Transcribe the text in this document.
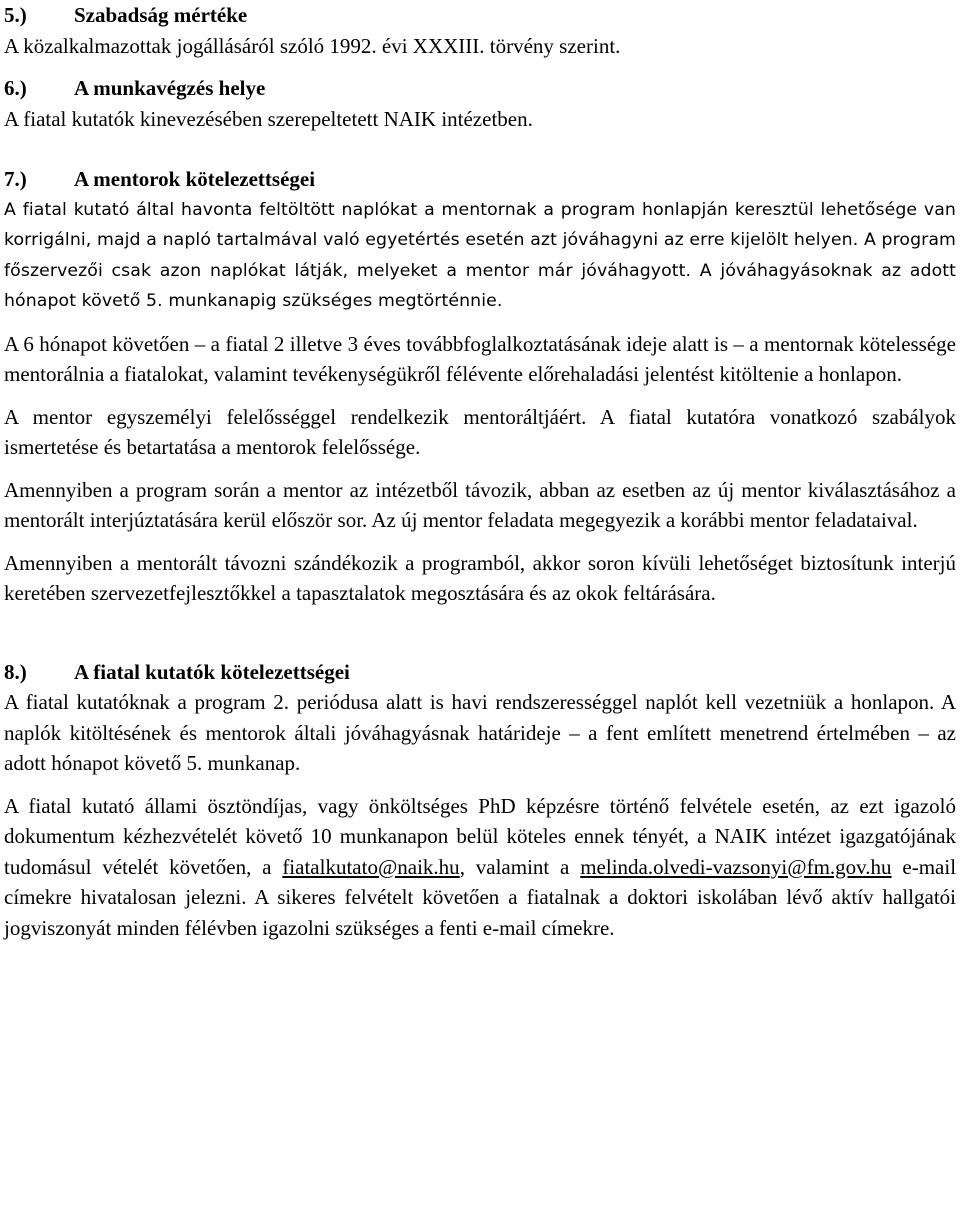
5.) Szabadság mértéke

A közalkalmazottak jogállásáról szóló 1992. évi XXXIII. törvény szerint.

6.) A munkavégzés helye

A fiatal kutatók kinevezésében szerepeltetett NAIK intézetben.

7.) A mentorok kötelezettségei

A fiatal kutató által havonta feltöltött naplókat a mentornak a program honlapján keresztül lehetősége van korrigálni, majd a napló tartalmával való egyetértés esetén azt jóváhagyni az erre kijelölt helyen. A program főszervezői csak azon naplókat látják, melyeket a mentor már jóváhagyott. A jóváhagyásoknak az adott hónapot követő 5. munkanapig szükséges megtörténnie.

A 6 hónapot követően – a fiatal 2 illetve 3 éves továbbfoglalkoztatásának ideje alatt is – a mentornak kötelessége mentorálnia a fiatalokat, valamint tevékenységükről félévente előrehaladási jelentést kitöltenie a honlapon.

A mentor egyszemélyi felelősséggel rendelkezik mentoráltjáért. A fiatal kutatóra vonatkozó szabályok ismertetése és betartatása a mentorok felelőssége.

Amennyiben a program során a mentor az intézetből távozik, abban az esetben az új mentor kiválasztásához a mentorált interjúztatására kerül először sor. Az új mentor feladata megegyezik a korábbi mentor feladataival.

Amennyiben a mentorált távozni szándékozik a programból, akkor soron kívüli lehetőséget biztosítunk interjú keretében szervezetfejlesztőkkel a tapasztalatok megosztására és az okok feltárására.

8.) A fiatal kutatók kötelezettségei

A fiatal kutatóknak a program 2. periódusa alatt is havi rendszerességgel naplót kell vezetniük a honlapon. A naplók kitöltésének és mentorok általi jóváhagyásnak határideje – a fent említett menetrend értelmében – az adott hónapot követő 5. munkanap.

A fiatal kutató állami ösztöndíjas, vagy önköltséges PhD képzésre történő felvétele esetén, az ezt igazoló dokumentum kézhezvételét követő 10 munkanapon belül köteles ennek tényét, a NAIK intézet igazgatójának tudomásul vételét követően, a fiatalkutato@naik.hu, valamint a melinda.olvedi-vazsonyi@fm.gov.hu e-mail címekre hivatalosan jelezni. A sikeres felvételt követően a fiatalnak a doktori iskolában lévő aktív hallgatói jogviszonyát minden félévben igazolni szükséges a fenti e-mail címekre.
